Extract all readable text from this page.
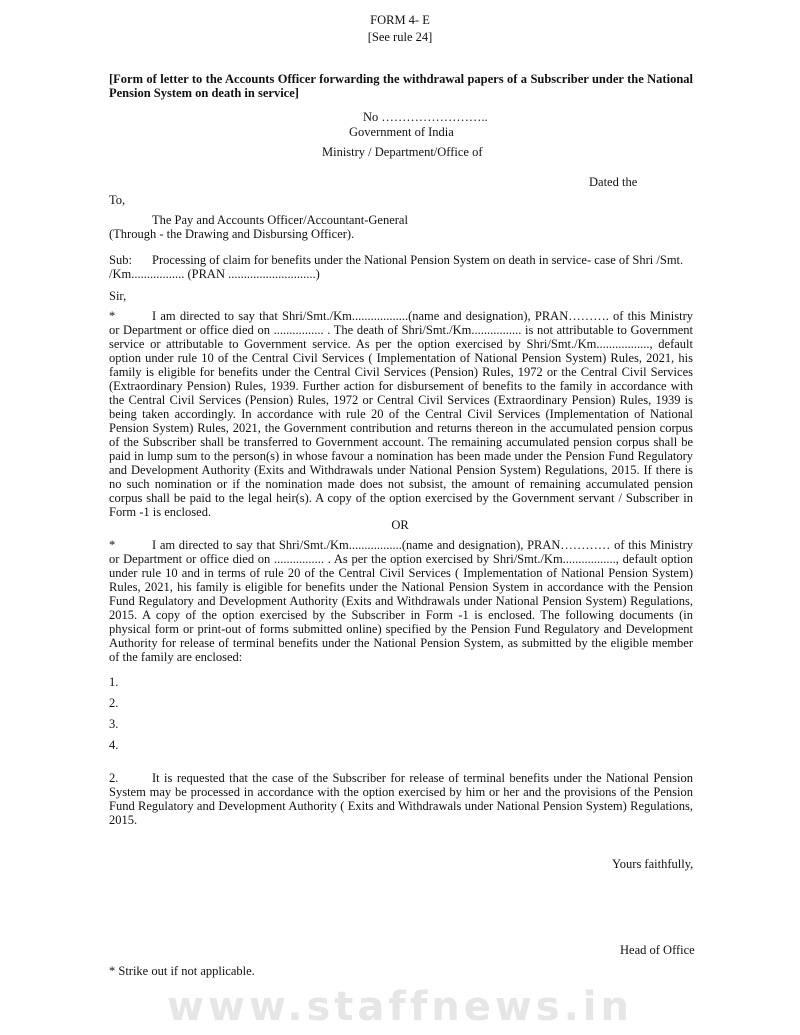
FORM 4- E

[See rule 24]

[Form of letter to the Accounts Officer forwarding the withdrawal papers of a Subscriber under the National Pension System on death in service]

No ……………………..

Government of India

Ministry / Department/Office of

Dated the

To,

The Pay and Accounts Officer/Accountant-General

(Through - the Drawing and Disbursing Officer).

Sub: Processing of claim for benefits under the National Pension System on death in service- case of Shri /Smt.

/Km................. (PRAN ............................)

Sir,

*	I am directed to say that Shri/Smt./Km..................(name and designation), PRAN………. of this Ministry or Department or office died on ................ . The death of Shri/Smt./Km................ is not attributable to Government service or attributable to Government service. As per the option exercised by Shri/Smt./Km................., default option under rule 10 of the Central Civil Services ( Implementation of National Pension System) Rules, 2021, his family is eligible for benefits under the Central Civil Services (Pension) Rules, 1972 or the Central Civil Services (Extraordinary Pension) Rules, 1939. Further action for disbursement of benefits to the family in accordance with the Central Civil Services (Pension) Rules, 1972 or Central Civil Services (Extraordinary Pension) Rules, 1939 is being taken accordingly. In accordance with rule 20 of the Central Civil Services (Implementation of National Pension System) Rules, 2021, the Government contribution and returns thereon in the accumulated pension corpus of the Subscriber shall be transferred to Government account. The remaining accumulated pension corpus shall be paid in lump sum to the person(s) in whose favour a nomination has been made under the Pension Fund Regulatory and Development Authority (Exits and Withdrawals under National Pension System) Regulations, 2015. If there is no such nomination or if the nomination made does not subsist, the amount of remaining accumulated pension corpus shall be paid to the legal heir(s). A copy of the option exercised by the Government servant / Subscriber in Form -1 is enclosed.

OR

*	I am directed to say that Shri/Smt./Km.................(name and designation), PRAN………… of this Ministry or Department or office died on ................ . As per the option exercised by Shri/Smt./Km................., default option under rule 10 and in terms of rule 20 of the Central Civil Services ( Implementation of National Pension System) Rules, 2021, his family is eligible for benefits under the National Pension System in accordance with the Pension Fund Regulatory and Development Authority (Exits and Withdrawals under National Pension System) Regulations, 2015. A copy of the option exercised by the Subscriber in Form -1 is enclosed. The following documents (in physical form or print-out of forms submitted online) specified by the Pension Fund Regulatory and Development Authority for release of terminal benefits under the National Pension System, as submitted by the eligible member of the family are enclosed:

1.

2.

3.

4.

2.	It is requested that the case of the Subscriber for release of terminal benefits under the National Pension System may be processed in accordance with the option exercised by him or her and the provisions of the Pension Fund Regulatory and Development Authority ( Exits and Withdrawals under National Pension System) Regulations, 2015.

Yours faithfully,

Head of Office

* Strike out if not applicable.

www.staffnews.in
